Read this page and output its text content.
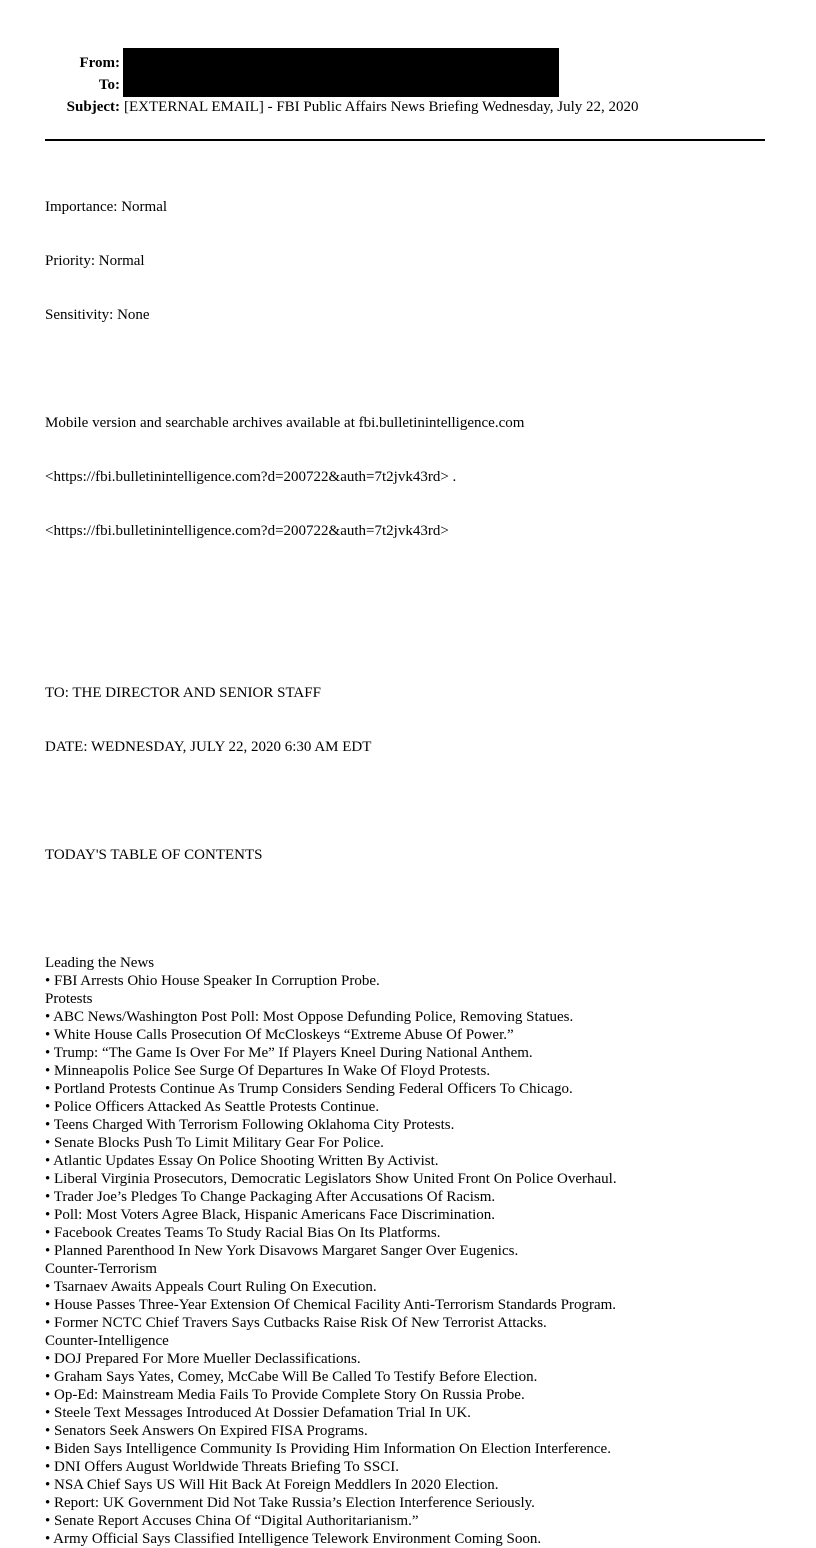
From:
To:
Subject: [EXTERNAL EMAIL] - FBI Public Affairs News Briefing Wednesday, July 22, 2020

Importance: Normal

Priority: Normal

Sensitivity: None

Mobile version and searchable archives available at fbi.bulletinintelligence.com

<https://fbi.bulletinintelligence.com?d=200722&auth=7t2jvk43rd> .

<https://fbi.bulletinintelligence.com?d=200722&auth=7t2jvk43rd>

TO: THE DIRECTOR AND SENIOR STAFF

DATE: WEDNESDAY, JULY 22, 2020 6:30 AM EDT

TODAY'S TABLE OF CONTENTS

Leading the News
• FBI Arrests Ohio House Speaker In Corruption Probe.
Protests
• ABC News/Washington Post Poll: Most Oppose Defunding Police, Removing Statues.
• White House Calls Prosecution Of McCloskeys “Extreme Abuse Of Power.”
• Trump: “The Game Is Over For Me” If Players Kneel During National Anthem.
• Minneapolis Police See Surge Of Departures In Wake Of Floyd Protests.
• Portland Protests Continue As Trump Considers Sending Federal Officers To Chicago.
• Police Officers Attacked As Seattle Protests Continue.
• Teens Charged With Terrorism Following Oklahoma City Protests.
• Senate Blocks Push To Limit Military Gear For Police.
• Atlantic Updates Essay On Police Shooting Written By Activist.
• Liberal Virginia Prosecutors, Democratic Legislators Show United Front On Police Overhaul.
• Trader Joe’s Pledges To Change Packaging After Accusations Of Racism.
• Poll: Most Voters Agree Black, Hispanic Americans Face Discrimination.
• Facebook Creates Teams To Study Racial Bias On Its Platforms.
• Planned Parenthood In New York Disavows Margaret Sanger Over Eugenics.
Counter-Terrorism
• Tsarnaev Awaits Appeals Court Ruling On Execution.
• House Passes Three-Year Extension Of Chemical Facility Anti-Terrorism Standards Program.
• Former NCTC Chief Travers Says Cutbacks Raise Risk Of New Terrorist Attacks.
Counter-Intelligence
• DOJ Prepared For More Mueller Declassifications.
• Graham Says Yates, Comey, McCabe Will Be Called To Testify Before Election.
• Op-Ed: Mainstream Media Fails To Provide Complete Story On Russia Probe.
• Steele Text Messages Introduced At Dossier Defamation Trial In UK.
• Senators Seek Answers On Expired FISA Programs.
• Biden Says Intelligence Community Is Providing Him Information On Election Interference.
• DNI Offers August Worldwide Threats Briefing To SSCI.
• NSA Chief Says US Will Hit Back At Foreign Meddlers In 2020 Election.
• Report: UK Government Did Not Take Russia’s Election Interference Seriously.
• Senate Report Accuses China Of “Digital Authoritarianism.”
• Army Official Says Classified Intelligence Telework Environment Coming Soon.
